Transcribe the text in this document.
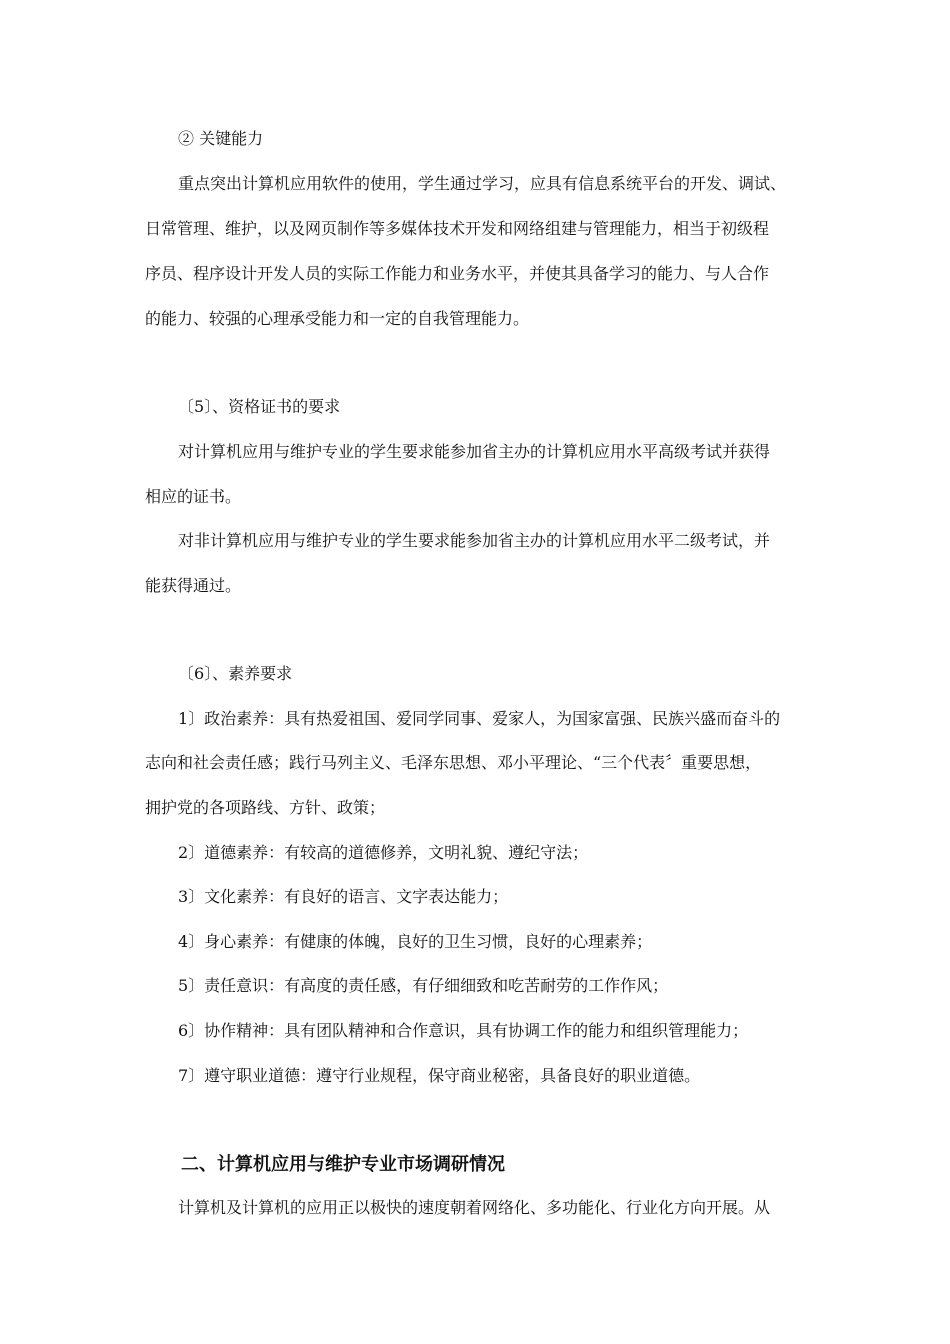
② 关键能力
重点突出计算机应用软件的使用，学生通过学习，应具有信息系统平台的开发、调试、
日常管理、维护，以及网页制作等多媒体技术开发和网络组建与管理能力，相当于初级程
序员、程序设计开发人员的实际工作能力和业务水平，并使其具备学习的能力、与人合作
的能力、较强的心理承受能力和一定的自我管理能力。
〔5〕、资格证书的要求
对计算机应用与维护专业的学生要求能参加省主办的计算机应用水平高级考试并获得
相应的证书。
对非计算机应用与维护专业的学生要求能参加省主办的计算机应用水平二级考试，并
能获得通过。
〔6〕、素养要求
1〕政治素养：具有热爱祖国、爱同学同事、爱家人，为国家富强、民族兴盛而奋斗的
志向和社会责任感；践行马列主义、毛泽东思想、邓小平理论、“三个代表〞重要思想，
拥护党的各项路线、方针、政策；
2〕道德素养：有较高的道德修养，文明礼貌、遵纪守法；
3〕文化素养：有良好的语言、文字表达能力；
4〕身心素养：有健康的体魄，良好的卫生习惯，良好的心理素养；
5〕责任意识：有高度的责任感，有仔细细致和吃苦耐劳的工作作风；
6〕协作精神：具有团队精神和合作意识，具有协调工作的能力和组织管理能力；
7〕遵守职业道德：遵守行业规程，保守商业秘密，具备良好的职业道德。
二、计算机应用与维护专业市场调研情况
计算机及计算机的应用正以极快的速度朝着网络化、多功能化、行业化方向开展。从
